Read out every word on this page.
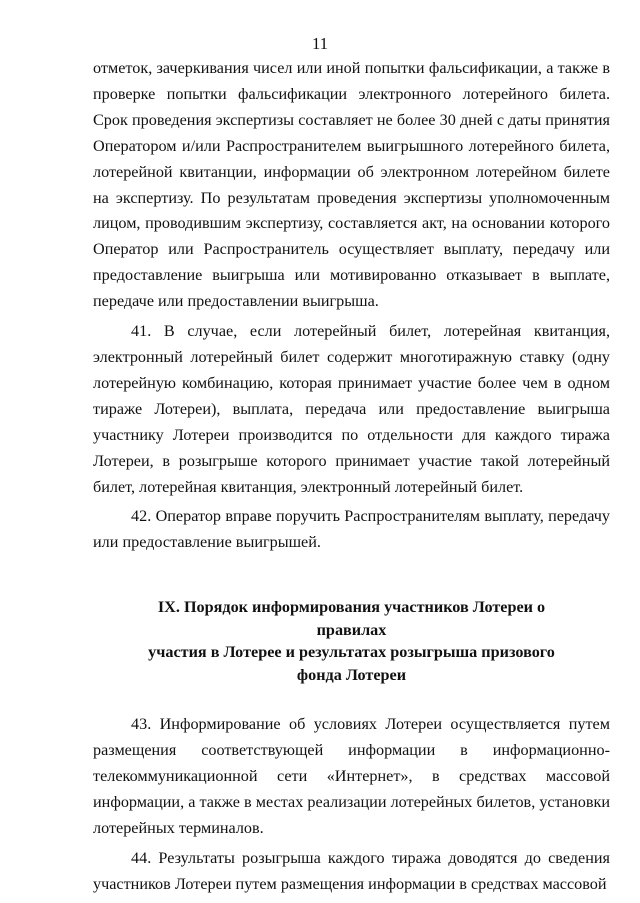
11

отметок, зачеркивания чисел или иной попытки фальсификации, а также в проверке попытки фальсификации электронного лотерейного билета. Срок проведения экспертизы составляет не более 30 дней с даты принятия Оператором и/или Распространителем выигрышного лотерейного билета, лотерейной квитанции, информации об электронном лотерейном билете на экспертизу. По результатам проведения экспертизы уполномоченным лицом, проводившим экспертизу, составляется акт, на основании которого Оператор или Распространитель осуществляет выплату, передачу или предоставление выигрыша или мотивированно отказывает в выплате, передаче или предоставлении выигрыша.

41. В случае, если лотерейный билет, лотерейная квитанция, электронный лотерейный билет содержит многотиражную ставку (одну лотерейную комбинацию, которая принимает участие более чем в одном тираже Лотереи), выплата, передача или предоставление выигрыша участнику Лотереи производится по отдельности для каждого тиража Лотереи, в розыгрыше которого принимает участие такой лотерейный билет, лотерейная квитанция, электронный лотерейный билет.

42. Оператор вправе поручить Распространителям выплату, передачу или предоставление выигрышей.

IX. Порядок информирования участников Лотереи о правилах
участия в Лотерее и результатах розыгрыша призового
фонда Лотереи

43. Информирование об условиях Лотереи осуществляется путем размещения соответствующей информации в информационно-телекоммуникационной сети «Интернет», в средствах массовой информации, а также в местах реализации лотерейных билетов, установки лотерейных терминалов.

44. Результаты розыгрыша каждого тиража доводятся до сведения участников Лотереи путем размещения информации в средствах массовой
